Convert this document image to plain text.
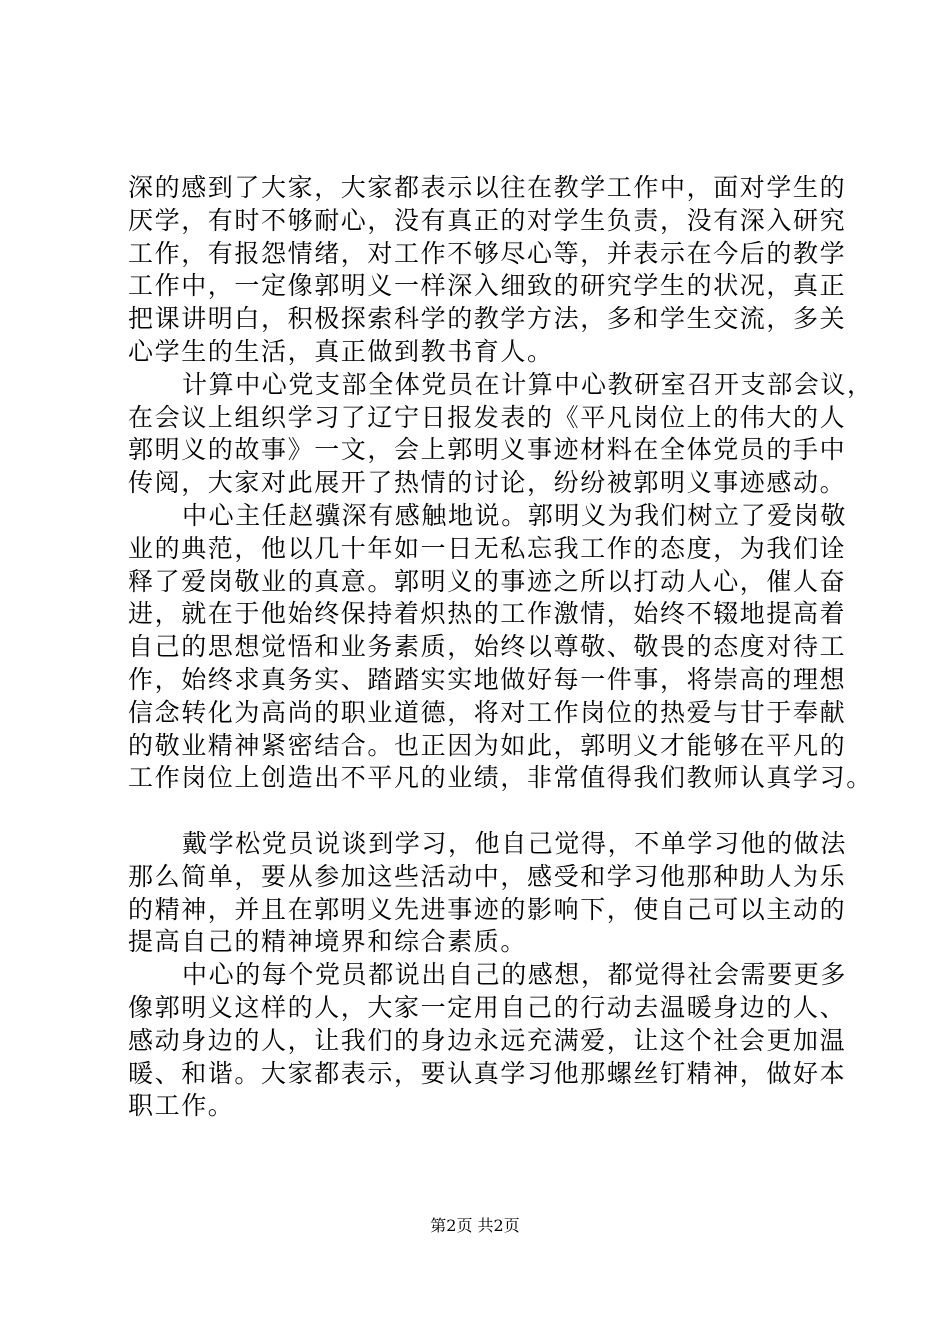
深的感到了大家，大家都表示以往在教学工作中，面对学生的
厌学，有时不够耐心，没有真正的对学生负责，没有深入研究
工作，有报怨情绪，对工作不够尽心等，并表示在今后的教学
工作中，一定像郭明义一样深入细致的研究学生的状况，真正
把课讲明白，积极探索科学的教学方法，多和学生交流，多关
心学生的生活，真正做到教书育人。
计算中心党支部全体党员在计算中心教研室召开支部会议，
在会议上组织学习了辽宁日报发表的《平凡岗位上的伟大的人
郭明义的故事》一文，会上郭明义事迹材料在全体党员的手中
传阅，大家对此展开了热情的讨论，纷纷被郭明义事迹感动。
中心主任赵骥深有感触地说。郭明义为我们树立了爱岗敬
业的典范，他以几十年如一日无私忘我工作的态度，为我们诠
释了爱岗敬业的真意。郭明义的事迹之所以打动人心，催人奋
进，就在于他始终保持着炽热的工作激情，始终不辍地提高着
自己的思想觉悟和业务素质，始终以尊敬、敬畏的态度对待工
作，始终求真务实、踏踏实实地做好每一件事，将崇高的理想
信念转化为高尚的职业道德，将对工作岗位的热爱与甘于奉献
的敬业精神紧密结合。也正因为如此，郭明义才能够在平凡的
工作岗位上创造出不平凡的业绩，非常值得我们教师认真学习。
戴学松党员说谈到学习，他自己觉得，不单学习他的做法
那么简单，要从参加这些活动中，感受和学习他那种助人为乐
的精神，并且在郭明义先进事迹的影响下，使自己可以主动的
提高自己的精神境界和综合素质。
中心的每个党员都说出自己的感想，都觉得社会需要更多
像郭明义这样的人，大家一定用自己的行动去温暖身边的人、
感动身边的人，让我们的身边永远充满爱，让这个社会更加温
暖、和谐。大家都表示，要认真学习他那螺丝钉精神，做好本
职工作。
第2页 共2页
